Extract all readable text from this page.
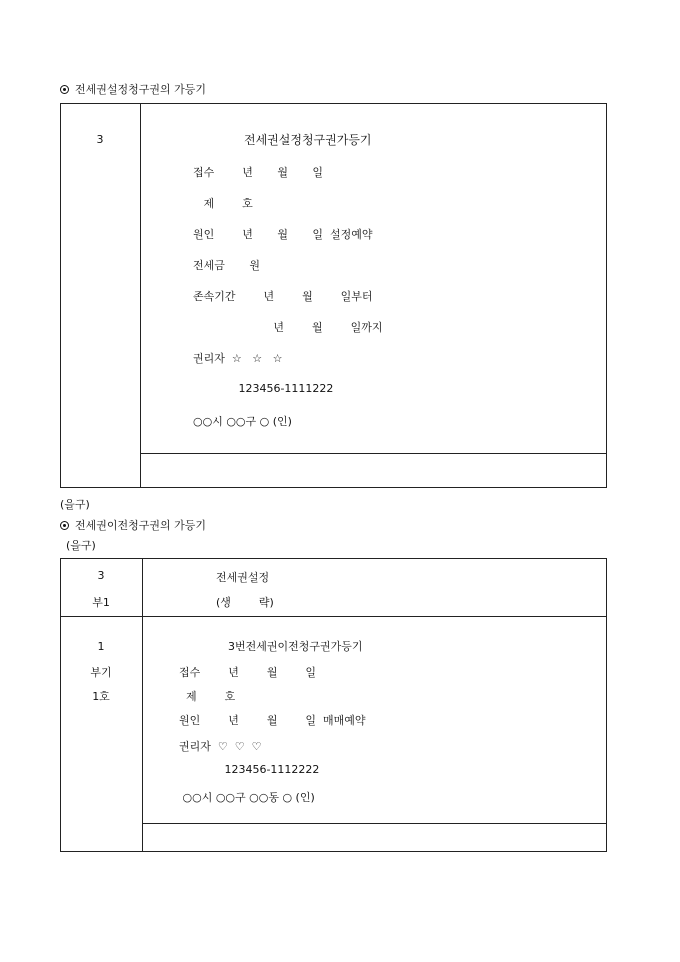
전세권설정청구권의 가등기
3	전세권설정청구권가등기
접수        년       월       일
제        호
원인        년       월       일  설정예약
전세금       원
존속기간        년        월        일부터
년        월        일까지
권리자  ☆   ☆   ☆
123456-1111222
○○시 ○○구 ○ (인)
(을구)
전세권이전청구권의 가등기
(을구)
3
부1
전세권설정
(생        략)
1
부기
1호
3번전세권이전청구권가등기
접수        년        월        일
제        호
원인        년        월        일  매매예약
권리자  ♡  ♡  ♡
123456-1112222
○○시 ○○구 ○○동 ○ (인)
